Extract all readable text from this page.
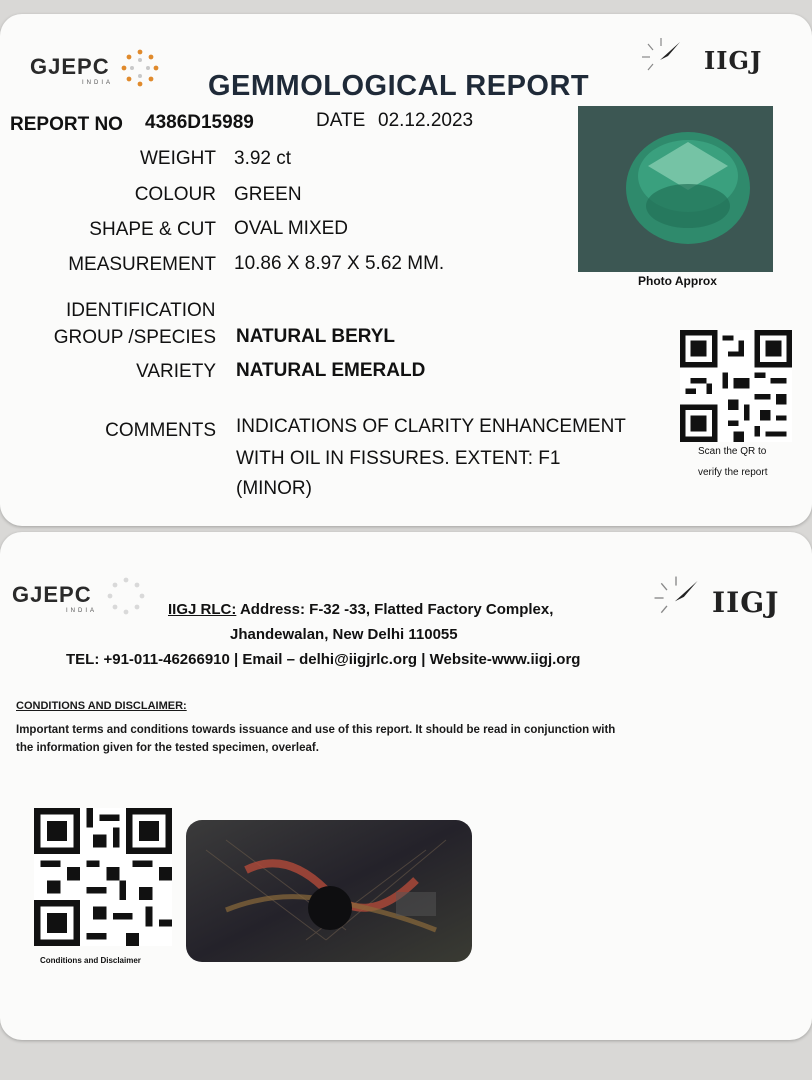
GJEPC
INDIA
IIGJ
GEMMOLOGICAL REPORT
REPORT NO 4386D15989	DATE 02.12.2023
WEIGHT 3.92 ct
COLOUR GREEN
SHAPE & CUT OVAL MIXED
MEASUREMENT 10.86 X 8.97 X 5.62 MM.
IDENTIFICATION
GROUP /SPECIES NATURAL BERYL
VARIETY NATURAL EMERALD
COMMENTS INDICATIONS OF CLARITY ENHANCEMENT
WITH OIL IN FISSURES. EXTENT: F1
(MINOR)
Photo Approx
Scan the QR to
verify the report
GJEPC
INDIA	IIGJ
IIGJ RLC: Address: F-32 -33, Flatted Factory Complex,
Jhandewalan, New Delhi 110055
TEL: +91-011-46266910 | Email – delhi@iigjrlc.org | Website-www.iigj.org
CONDITIONS AND DISCLAIMER:
Important terms and conditions towards issuance and use of this report. It should be read in conjunction with
the information given for the tested specimen, overleaf.
Conditions and Disclaimer
